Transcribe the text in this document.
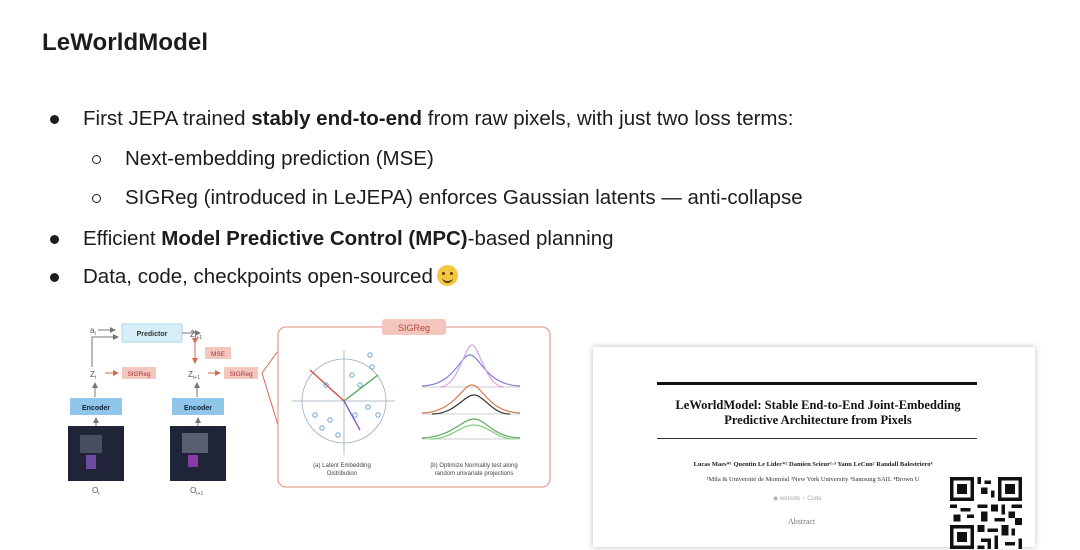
LeWorldModel
First JEPA trained stably end-to-end from raw pixels, with just two loss terms:
Next-embedding prediction (MSE)
SIGReg (introduced in LeJEPA) enforces Gaussian latents — anti-collapse
Efficient Model Predictive Control (MPC)-based planning
Data, code, checkpoints open-sourced
$a_t$	Predictor	Ẑ$_{t+1}$
$Z_t$	SIGReg
MSE
$Z_{t+1}$	SIGReg
Encoder	Encoder
$O_t$	$O_{t+1}$
SIGReg
(a) Latent Embedding
Distribution
(b) Optimize Normality test along
random univariate projections
LeWorldModel: Stable End-to-End Joint-Embedding
Predictive Architecture from Pixels
Lucas Maes*¹ Quentin Le Lidec*² Damien Scieur¹·³ Yann LeCun² Randall Balestriero⁴
¹Mila & Université de Montréal ²New York University ³Samsung SAIL ⁴Brown U
◉ website ○ Code
Abstract
